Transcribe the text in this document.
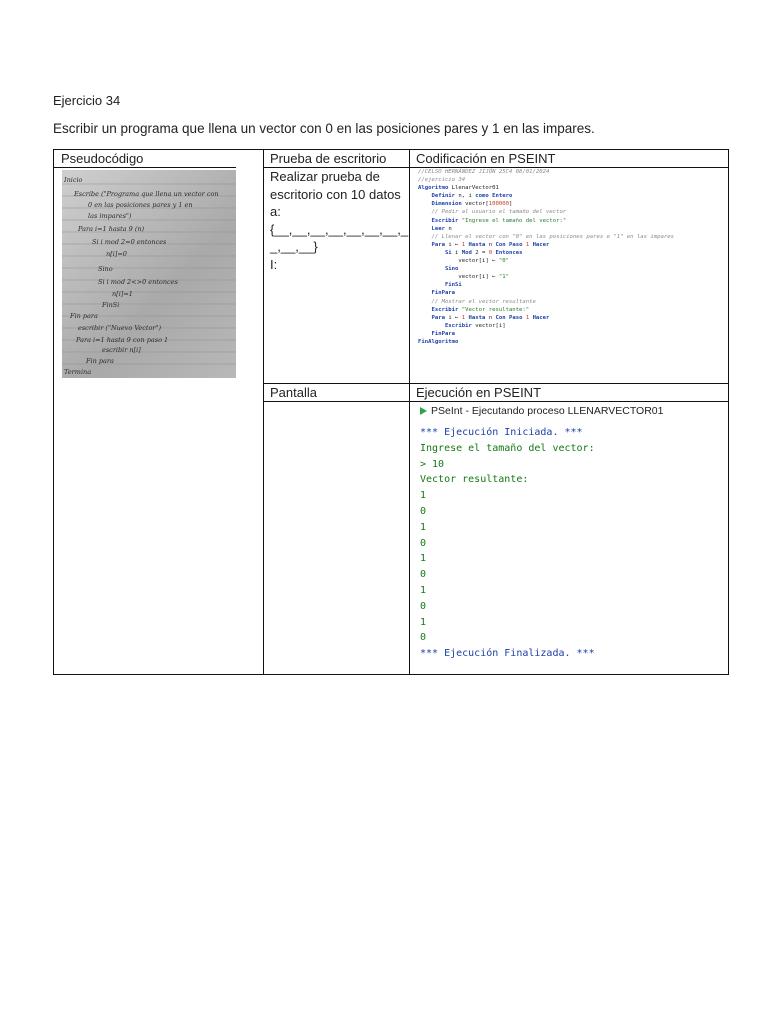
Ejercicio 34
Escribir un programa que llena un vector con 0 en las posiciones pares y 1 en las impares.
Pseudocódigo	Prueba de escritorio Codificación en PSEINT
Pantalla	Ejecución en PSEINT
Inicio
Escribe ("Programa que llena un vector con
0 en las posiciones pares y 1 en
las impares")
Para i=1 hasta 9 (n)
Si i mod 2=0 entonces
n[i]=0
Sino
Si i mod 2<>0 entonces
n[i]=1
FinSi
Fin para
escribir ("Nuevo Vector")
Para i=1 hasta 9 con paso 1
escribir n[i]
Fin para
Termina
Realizar prueba de
escritorio con 10 datos
a:
{__,__,__,__,__,__,__,_
_,__,__}
I:
//CELSO HERNÁNDEZ JIJÓN 25C4 08/01/2024
//ejercicio 34
Algoritmo LlenarVector01
Definir n, i como Entero
Dimension vector[100000]
// Pedir al usuario el tamaño del vector
Escribir "Ingrese el tamaño del vector:"
Leer n
// Llenar el vector con "0" en las posiciones pares e "1" en las impares
Para i ← 1 Hasta n Con Paso 1 Hacer
Si i Mod 2 = 0 Entonces
vector[i] ← "0"
Sino
vector[i] ← "1"
FinSi
FinPara
// Mostrar el vector resultante
Escribir "Vector resultante:"
Para i ← 1 Hasta n Con Paso 1 Hacer
Escribir vector[i]
FinPara
FinAlgoritmo
PSeInt - Ejecutando proceso LLENARVECTOR01
*** Ejecución Iniciada. ***
Ingrese el tamaño del vector:
> 10
Vector resultante:
1
0
1
0
1
0
1
0
1
0
*** Ejecución Finalizada. ***
